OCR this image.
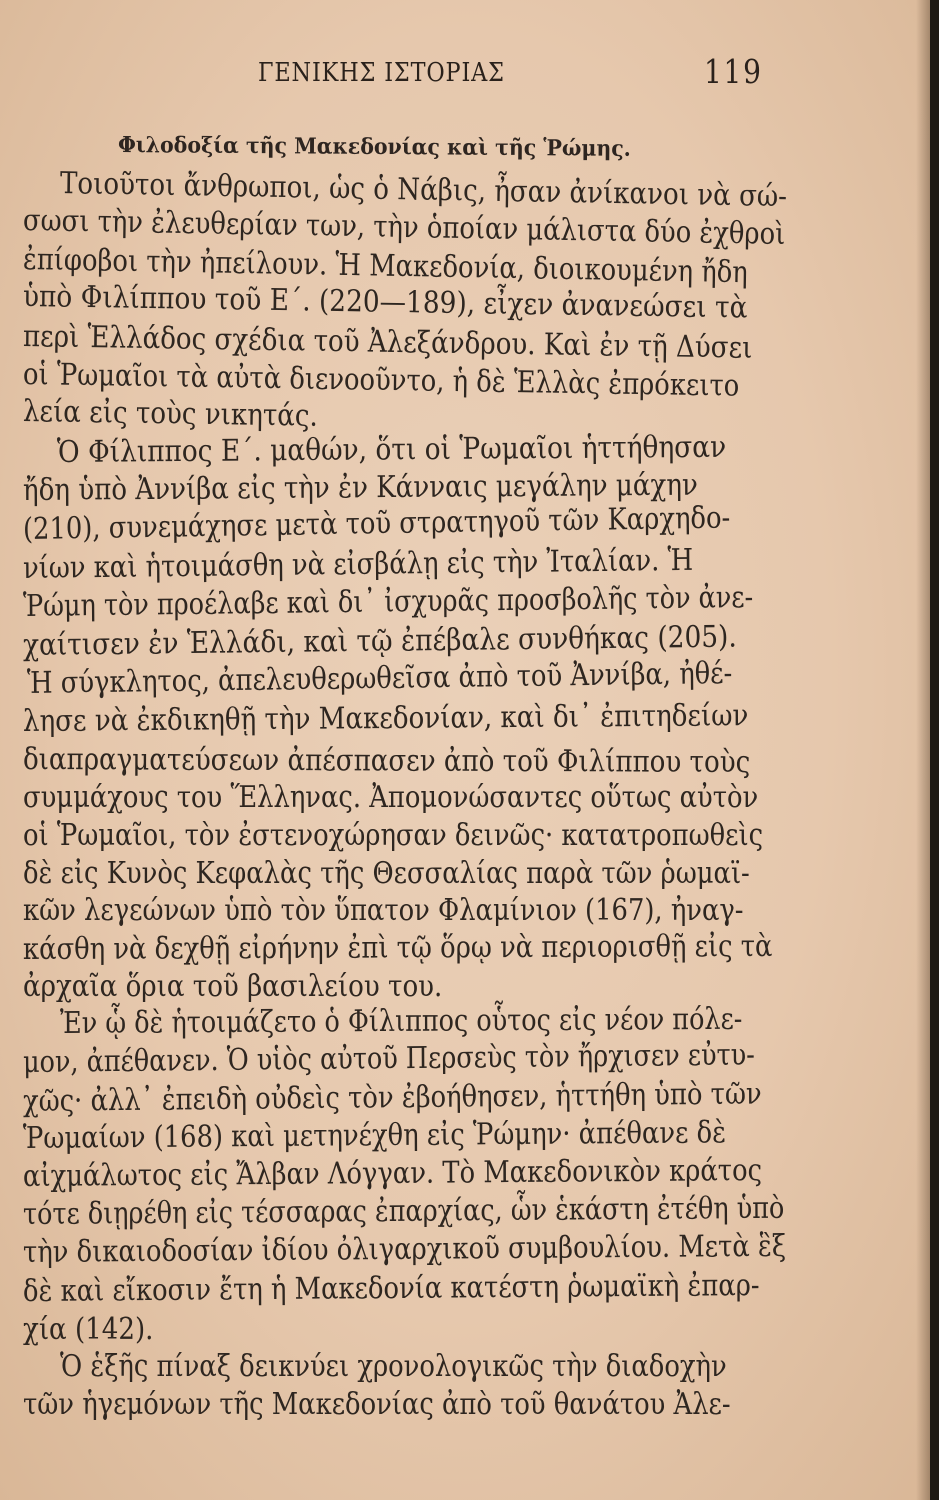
ΓΕΝΙΚΗΣ ΙΣΤΟΡΙΑΣ	119
Φιλοδοξία τῆς Μακεδονίας καὶ τῆς Ῥώμης.
Τοιοῦτοι ἄνθρωποι, ὡς ὁ Νάβις, ἦσαν ἀνίκανοι νὰ σώ-
σωσι τὴν ἐλευθερίαν των, τὴν ὁποίαν μάλιστα δύο ἐχθροὶ
ἐπίφοβοι τὴν ἠπείλουν. Ἡ Μακεδονία, διοικουμένη ἤδη
ὑπὸ Φιλίππου τοῦ Ε΄. (220—189), εἶχεν ἀνανεώσει τὰ
περὶ Ἑλλάδος σχέδια τοῦ Ἀλεξάνδρου. Καὶ ἐν τῇ Δύσει
οἱ Ῥωμαῖοι τὰ αὐτὰ διενοοῦντο, ἡ δὲ Ἑλλὰς ἐπρόκειτο
λεία εἰς τοὺς νικητάς.
Ὁ Φίλιππος Ε΄. μαθών, ὅτι οἱ Ῥωμαῖοι ἡττήθησαν
ἤδη ὑπὸ Ἀννίβα εἰς τὴν ἐν Κάνναις μεγάλην μάχην
(210), συνεμάχησε μετὰ τοῦ στρατηγοῦ τῶν Καρχηδο-
νίων καὶ ἡτοιμάσθη νὰ εἰσβάλῃ εἰς τὴν Ἰταλίαν. Ἡ
Ῥώμη τὸν προέλαβε καὶ δι᾽ ἰσχυρᾶς προσβολῆς τὸν ἀνε-
χαίτισεν ἐν Ἑλλάδι, καὶ τῷ ἐπέβαλε συνθήκας (205).
Ἡ σύγκλητος, ἀπελευθερωθεῖσα ἀπὸ τοῦ Ἀννίβα, ἠθέ-
λησε νὰ ἐκδικηθῇ τὴν Μακεδονίαν, καὶ δι᾽ ἐπιτηδείων
διαπραγματεύσεων ἀπέσπασεν ἀπὸ τοῦ Φιλίππου τοὺς
συμμάχους του Ἕλληνας. Ἀπομονώσαντες οὕτως αὐτὸν
οἱ Ῥωμαῖοι, τὸν ἐστενοχώρησαν δεινῶς· κατατροπωθεὶς
δὲ εἰς Κυνὸς Κεφαλὰς τῆς Θεσσαλίας παρὰ τῶν ῥωμαϊ-
κῶν λεγεώνων ὑπὸ τὸν ὕπατον Φλαμίνιον (167), ἠναγ-
κάσθη νὰ δεχθῇ εἰρήνην ἐπὶ τῷ ὅρῳ νὰ περιορισθῇ εἰς τὰ
ἀρχαῖα ὅρια τοῦ βασιλείου του.
Ἐν ᾧ δὲ ἡτοιμάζετο ὁ Φίλιππος οὗτος εἰς νέον πόλε-
μον, ἀπέθανεν. Ὁ υἱὸς αὐτοῦ Περσεὺς τὸν ἤρχισεν εὐτυ-
χῶς· ἀλλ᾽ ἐπειδὴ οὐδεὶς τὸν ἐβοήθησεν, ἡττήθη ὑπὸ τῶν
Ῥωμαίων (168) καὶ μετηνέχθη εἰς Ῥώμην· ἀπέθανε δὲ
αἰχμάλωτος εἰς Ἄλβαν Λόγγαν. Τὸ Μακεδονικὸν κράτος
τότε διῃρέθη εἰς τέσσαρας ἐπαρχίας, ὧν ἑκάστη ἐτέθη ὑπὸ
τὴν δικαιοδοσίαν ἰδίου ὀλιγαρχικοῦ συμβουλίου. Μετὰ ἓξ
δὲ καὶ εἴκοσιν ἔτη ἡ Μακεδονία κατέστη ῥωμαϊκὴ ἐπαρ-
χία (142).
Ὁ ἑξῆς πίναξ δεικνύει χρονολογικῶς τὴν διαδοχὴν
τῶν ἡγεμόνων τῆς Μακεδονίας ἀπὸ τοῦ θανάτου Ἀλε-
